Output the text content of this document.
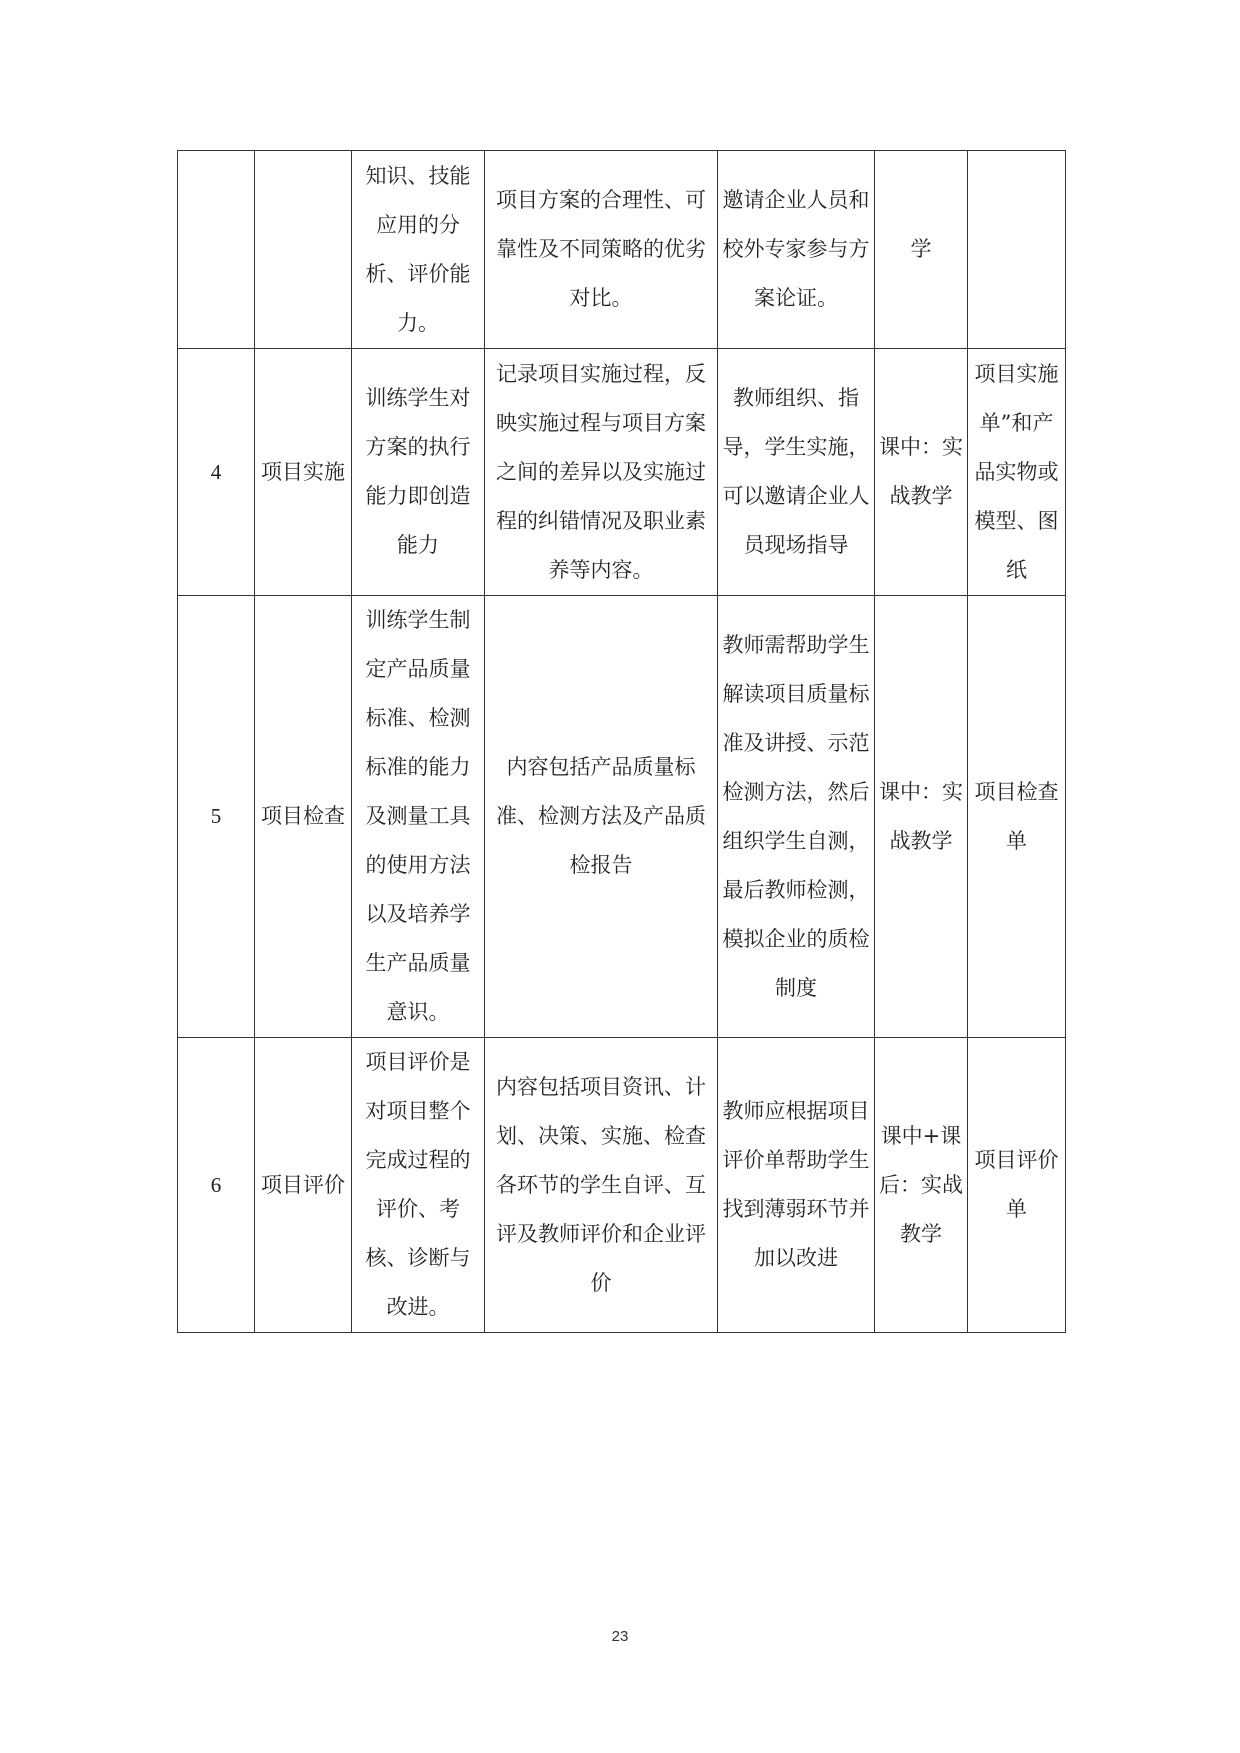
		知识、技能应用的分析、评价能力。	项目方案的合理性、可靠性及不同策略的优劣对比。	邀请企业人员和校外专家参与方案论证。	学	
4	项目实施	训练学生对方案的执行能力即创造能力	记录项目实施过程，反映实施过程与项目方案之间的差异以及实施过程的纠错情况及职业素养等内容。	教师组织、指导，学生实施，可以邀请企业人员现场指导	课中：实战教学	项目实施单”和产品实物或模型、图纸
5	项目检查	训练学生制定产品质量标准、检测标准的能力及测量工具的使用方法以及培养学生产品质量意识。	内容包括产品质量标准、检测方法及产品质检报告	教师需帮助学生解读项目质量标准及讲授、示范检测方法，然后组织学生自测，最后教师检测，模拟企业的质检制度	课中：实战教学	项目检查单
6	项目评价	项目评价是对项目整个完成过程的评价、考核、诊断与改进。	内容包括项目资讯、计划、决策、实施、检查各环节的学生自评、互评及教师评价和企业评价	教师应根据项目评价单帮助学生找到薄弱环节并加以改进	课中+课后：实战教学	项目评价单
23
